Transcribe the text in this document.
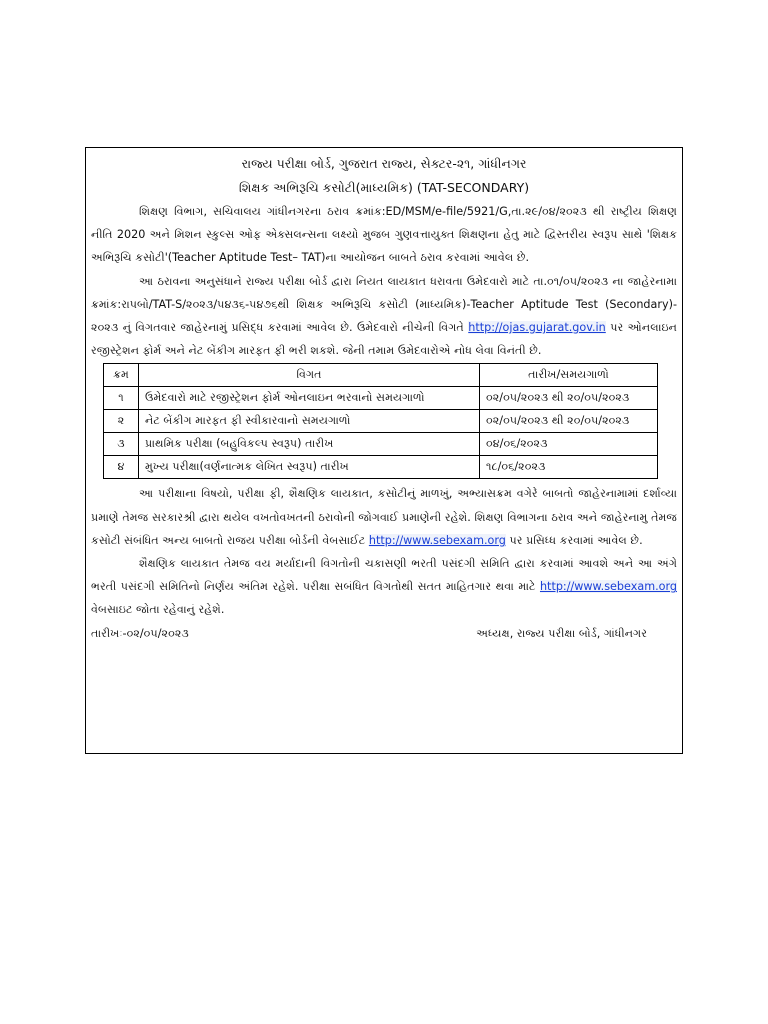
રાજ્ય પરીક્ષા બોર્ડ, ગુજરાત રાજ્ય, સેક્ટર-૨૧, ગાંધીનગર
શિક્ષક અભિરૂચિ કસોટી(માધ્યમિક) (TAT-SECONDARY)

શિક્ષણ વિભાગ, સચિવાલય ગાંધીનગરના ઠરાવ ક્રમાંક:ED/MSM/e-file/5921/G,તા.૨૯/૦૪/૨૦૨૩ થી રાષ્ટ્રીય શિક્ષણ નીતિ 2020 અને મિશન સ્કુલ્સ ઓફ એક્સલન્સના લક્ષ્યો મુજબ ગુણવત્તાયુક્ત શિક્ષણના હેતુ માટે દ્વિસ્તરીય સ્વરૂપ સાથે 'શિક્ષક અભિરૂચિ કસોટી'(Teacher Aptitude Test– TAT)ના આયોજન બાબતે ઠરાવ કરવામાં આવેલ છે.

આ ઠરાવના અનુસંધાને રાજ્ય પરીક્ષા બોર્ડ દ્વારા નિયત લાયકાત ધરાવતા ઉમેદવારો માટે તા.૦૧/૦૫/૨૦૨૩ ના જાહેરનામા ક્રમાંક:રાપબો/TAT-S/૨૦૨૩/૫૪૩૬-૫૪૭૬થી શિક્ષક અભિરૂચિ કસોટી (માધ્યમિક)-Teacher Aptitude Test (Secondary)- ૨૦૨૩ નું વિગતવાર જાહેરનામું પ્રસિદ્ધ કરવામાં આવેલ છે. ઉમેદવારો નીચેની વિગતે http://ojas.gujarat.gov.in પર ઓનલાઇન રજીસ્ટ્રેશન ફોર્મ અને નેટ બેંકીગ મારફત ફી ભરી શકશે. જેની તમામ ઉમેદવારોએ નોધ લેવા વિનંતી છે.

ક્રમ	વિગત	તારીખ/સમયગાળો
૧	ઉમેદવારો માટે રજીસ્ટ્રેશન ફોર્મ ઓનલાઇન ભરવાનો સમયગાળો	૦૨/૦૫/૨૦૨૩ થી ૨૦/૦૫/૨૦૨૩
૨	નેટ બેંકીગ મારફત ફી સ્વીકારવાનો સમયગાળો	૦૨/૦૫/૨૦૨૩ થી ૨૦/૦૫/૨૦૨૩
૩	પ્રાથમિક પરીક્ષા (બહુવિકલ્પ સ્વરૂપ) તારીખ	૦૪/૦૬/૨૦૨૩
૪	મુખ્ય પરીક્ષા(વર્ણનાત્મક લેખિત સ્વરૂપ) તારીખ	૧૮/૦૬/૨૦૨૩

આ પરીક્ષાના વિષયો, પરીક્ષા ફી, શૈક્ષણિક લાયકાત, કસોટીનું માળખું, અભ્યાસક્રમ વગેરે બાબતો જાહેરનામામાં દર્શાવ્યા પ્રમાણે તેમજ સરકારશ્રી દ્વારા થયેલ વખતોવખતની ઠરાવોની જોગવાઈ પ્રમાણેની રહેશે. શિક્ષણ વિભાગના ઠરાવ અને જાહેરનામુ તેમજ કસોટી સંબંધિત અન્ય બાબતો રાજય પરીક્ષા બોર્ડની વેબસાઈટ http://www.sebexam.org પર પ્રસિધ્ધ કરવામાં આવેલ છે.

શૈક્ષણિક લાયકાત તેમજ વય મર્યાદાની વિગતોની ચકાસણી ભરતી પસંદગી સમિતિ દ્વારા કરવામાં આવશે અને આ અંગે ભરતી પસંદગી સમિતિનો નિર્ણય અંતિમ રહેશે. પરીક્ષા સબંધિત વિગતોથી સતત માહિતગાર થવા માટે http://www.sebexam.org વેબસાઇટ જોતા રહેવાનું રહેશે.

તારીખઃ-૦૨/૦૫/૨૦૨૩	અધ્યક્ષ, રાજ્ય પરીક્ષા બોર્ડ, ગાંધીનગર
